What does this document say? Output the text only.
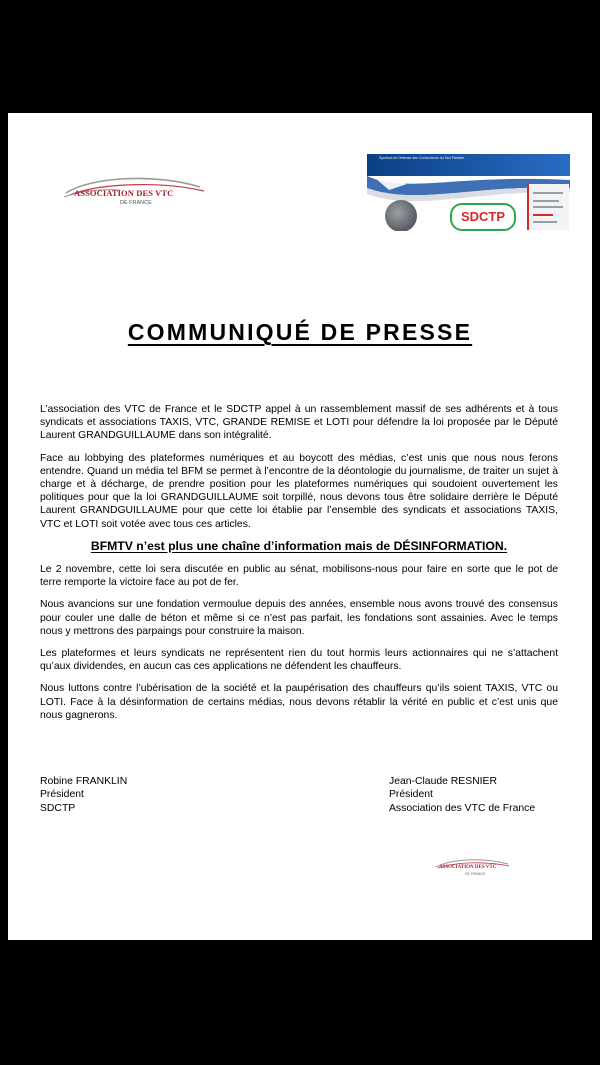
ASSOCIATION DES VTC
DE FRANCE
Syndicat de Défense des Conducteurs du Taxi Parisien
SDCTP
COMMUNIQUÉ DE PRESSE

L’association des VTC de France et le SDCTP appel à un rassemblement massif de ses adhérents et à tous syndicats et associations TAXIS, VTC, GRANDE REMISE et LOTI pour défendre la loi proposée par le Député Laurent GRANDGUILLAUME dans son intégralité.

Face au lobbying des plateformes numériques et au boycott des médias, c’est unis que nous nous ferons entendre. Quand un média tel BFM se permet à l’encontre de la déontologie du journalisme, de traiter un sujet à charge et à décharge, de prendre position pour les plateformes numériques qui soudoient ouvertement les politiques pour que la loi GRANDGUILLAUME soit torpillé, nous devons tous être solidaire derrière le Député Laurent GRANDGUILLAUME pour que cette loi établie par l’ensemble des syndicats et associations TAXIS, VTC et LOTI soit votée avec tous ces articles.

BFMTV n’est plus une chaîne d’information mais de DÉSINFORMATION.

Le 2 novembre, cette loi sera discutée en public au sénat, mobilisons-nous pour faire en sorte que le pot de terre remporte la victoire face au pot de fer.

Nous avancions sur une fondation vermoulue depuis des années, ensemble nous avons trouvé des consensus pour couler une dalle de béton et même si ce n’est pas parfait, les fondations sont assainies. Avec le temps nous y mettrons des parpaings pour construire la maison.

Les plateformes et leurs syndicats ne représentent rien du tout hormis leurs actionnaires qui ne s’attachent qu’aux dividendes, en aucun cas ces applications ne défendent les chauffeurs.

Nous luttons contre l’ubérisation de la société et la paupérisation des chauffeurs qu’ils soient TAXIS, VTC ou LOTI. Face à la désinformation de certains médias, nous devons rétablir la vérité en public et c’est unis que nous gagnerons.

Robine FRANKLIN
Président
SDCTP
Jean-Claude RESNIER
Président
Association des VTC de France
ASSOCIATION DES VTC
DE FRANCE
